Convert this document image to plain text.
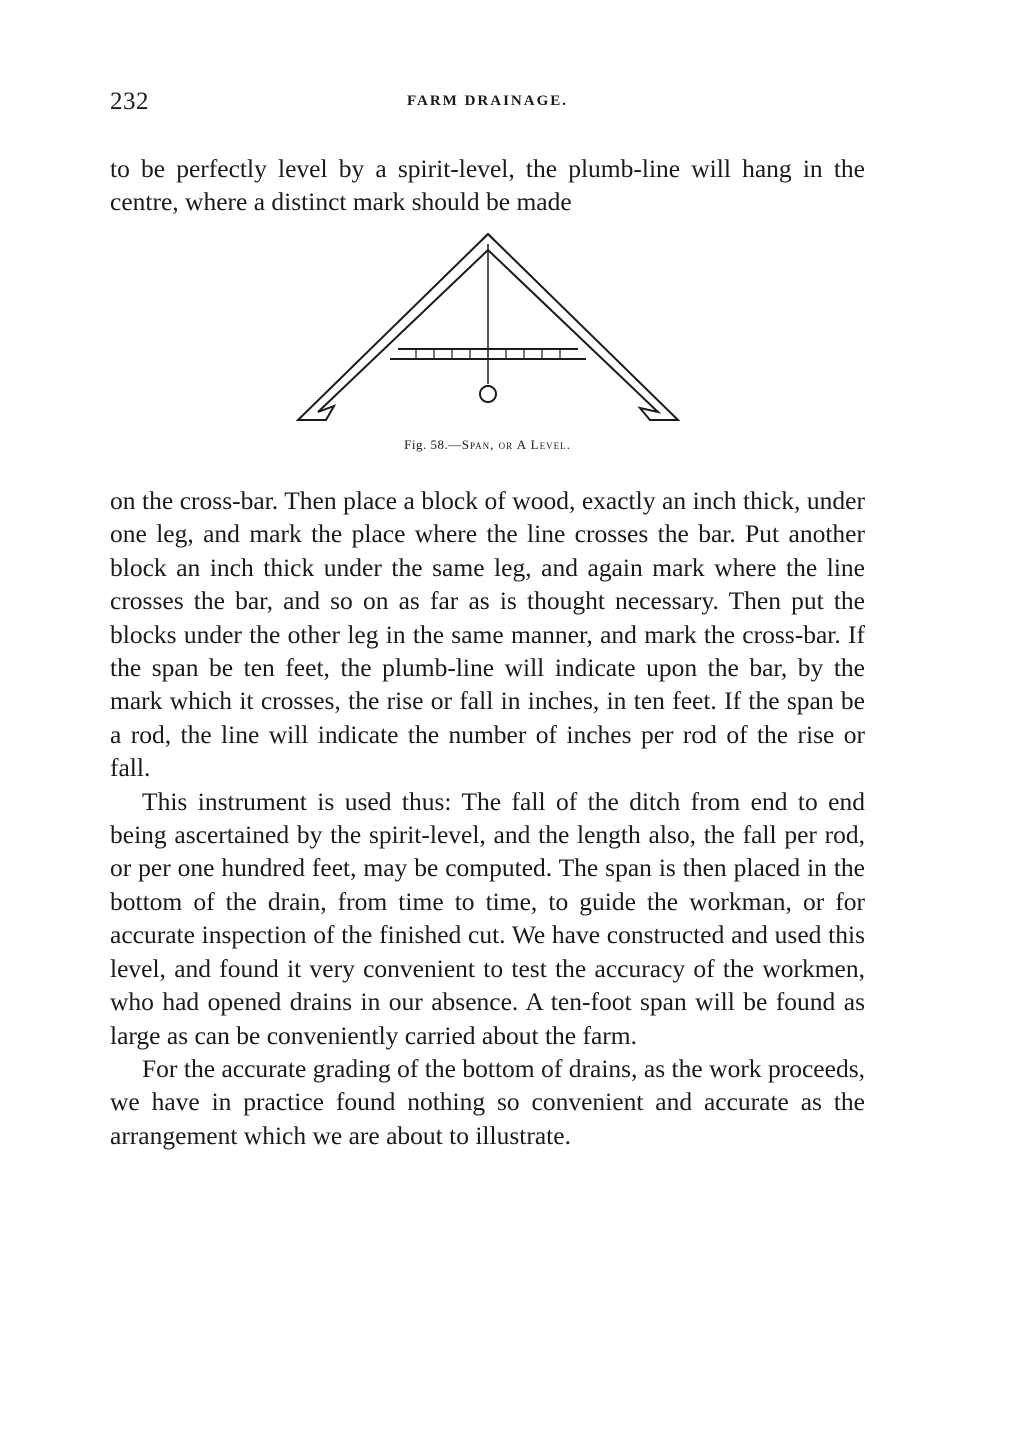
232	FARM DRAINAGE.

to be perfectly level by a spirit-level, the plumb-line will hang in the centre, where a distinct mark should be made

Fig. 58.—Span, or A Level.

on the cross-bar. Then place a block of wood, exactly an inch thick, under one leg, and mark the place where the line crosses the bar. Put another block an inch thick under the same leg, and again mark where the line crosses the bar, and so on as far as is thought necessary. Then put the blocks under the other leg in the same manner, and mark the cross-bar. If the span be ten feet, the plumb-line will indicate upon the bar, by the mark which it crosses, the rise or fall in inches, in ten feet. If the span be a rod, the line will indicate the number of inches per rod of the rise or fall.

This instrument is used thus: The fall of the ditch from end to end being ascertained by the spirit-level, and the length also, the fall per rod, or per one hundred feet, may be computed. The span is then placed in the bottom of the drain, from time to time, to guide the workman, or for accurate inspection of the finished cut. We have constructed and used this level, and found it very convenient to test the accuracy of the workmen, who had opened drains in our absence. A ten-foot span will be found as large as can be conveniently carried about the farm.

For the accurate grading of the bottom of drains, as the work proceeds, we have in practice found nothing so convenient and accurate as the arrangement which we are about to illustrate.
